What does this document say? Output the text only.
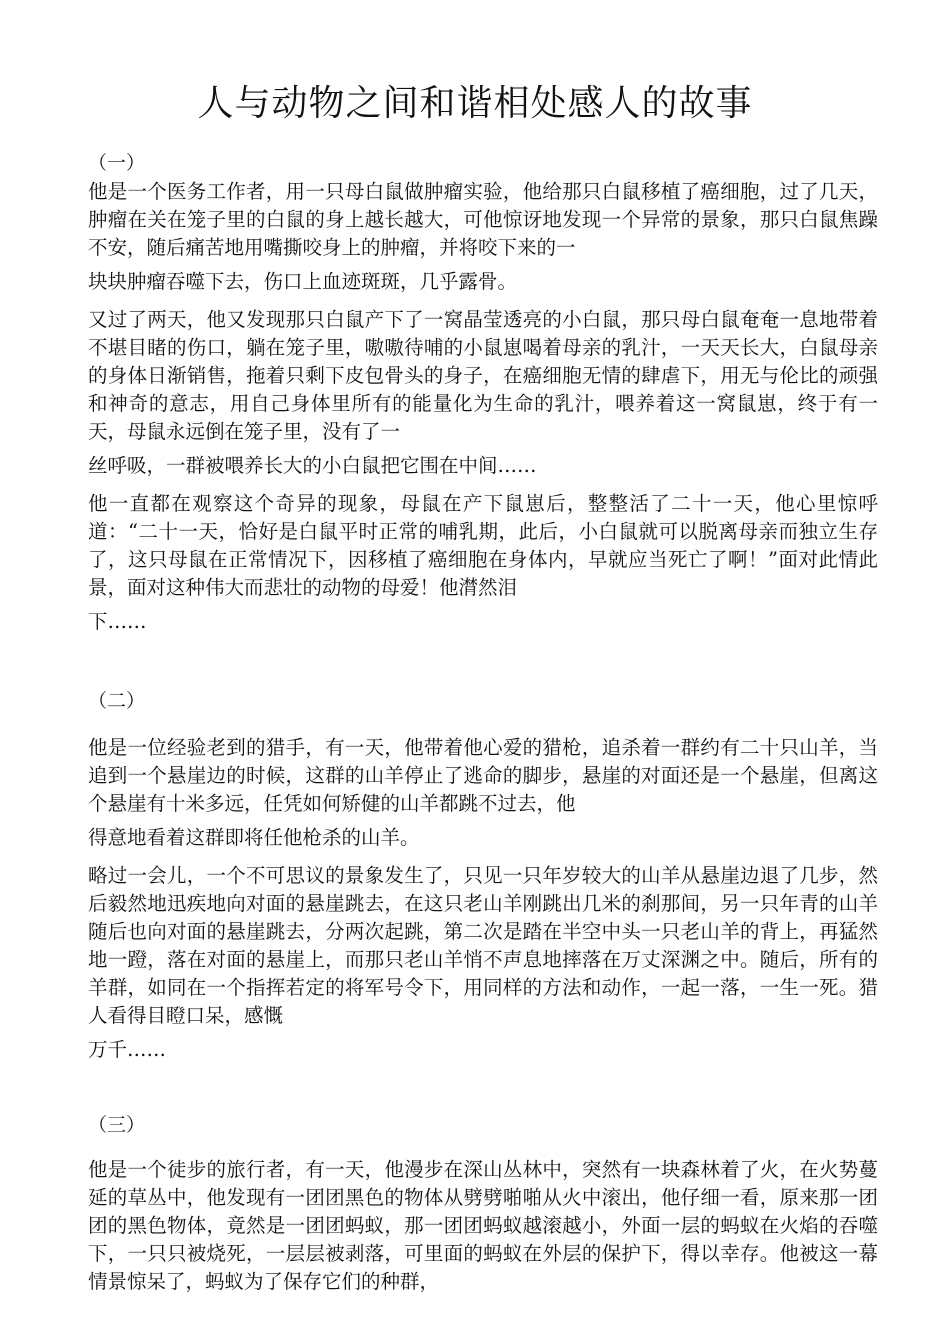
人与动物之间和谐相处感人的故事
（一）

他是一个医务工作者，用一只母白鼠做肿瘤实验，他给那只白鼠移植了癌细胞，过了几天，肿瘤在关在笼子里的白鼠的身上越长越大，可他惊讶地发现一个异常的景象，那只白鼠焦躁不安，随后痛苦地用嘴撕咬身上的肿瘤，并将咬下来的一

块块肿瘤吞噬下去，伤口上血迹斑斑，几乎露骨。

又过了两天，他又发现那只白鼠产下了一窝晶莹透亮的小白鼠，那只母白鼠奄奄一息地带着不堪目睹的伤口，躺在笼子里，嗷嗷待哺的小鼠崽喝着母亲的乳汁，一天天长大，白鼠母亲的身体日渐销售，拖着只剩下皮包骨头的身子，在癌细胞无情的肆虐下，用无与伦比的顽强和神奇的意志，用自己身体里所有的能量化为生命的乳汁，喂养着这一窝鼠崽，终于有一天，母鼠永远倒在笼子里，没有了一

丝呼吸，一群被喂养长大的小白鼠把它围在中间……

他一直都在观察这个奇异的现象，母鼠在产下鼠崽后，整整活了二十一天，他心里惊呼道：“二十一天，恰好是白鼠平时正常的哺乳期，此后，小白鼠就可以脱离母亲而独立生存了，这只母鼠在正常情况下，因移植了癌细胞在身体内，早就应当死亡了啊！”面对此情此景，面对这种伟大而悲壮的动物的母爱！他潸然泪

下……

（二）

他是一位经验老到的猎手，有一天，他带着他心爱的猎枪，追杀着一群约有二十只山羊，当追到一个悬崖边的时候，这群的山羊停止了逃命的脚步，悬崖的对面还是一个悬崖，但离这个悬崖有十米多远，任凭如何矫健的山羊都跳不过去，他

得意地看着这群即将任他枪杀的山羊。

略过一会儿，一个不可思议的景象发生了，只见一只年岁较大的山羊从悬崖边退了几步，然后毅然地迅疾地向对面的悬崖跳去，在这只老山羊刚跳出几米的刹那间，另一只年青的山羊随后也向对面的悬崖跳去，分两次起跳，第二次是踏在半空中头一只老山羊的背上，再猛然地一蹬，落在对面的悬崖上，而那只老山羊悄不声息地摔落在万丈深渊之中。随后，所有的羊群，如同在一个指挥若定的将军号令下，用同样的方法和动作，一起一落，一生一死。猎人看得目瞪口呆，感慨

万千……

（三）

他是一个徒步的旅行者，有一天，他漫步在深山丛林中，突然有一块森林着了火，在火势蔓延的草丛中，他发现有一团团黑色的物体从劈劈啪啪从火中滚出，他仔细一看，原来那一团团的黑色物体，竟然是一团团蚂蚁，那一团团蚂蚁越滚越小，外面一层的蚂蚁在火焰的吞噬下，一只只被烧死，一层层被剥落，可里面的蚂蚁在外层的保护下，得以幸存。他被这一幕情景惊呆了，蚂蚁为了保存它们的种群，
